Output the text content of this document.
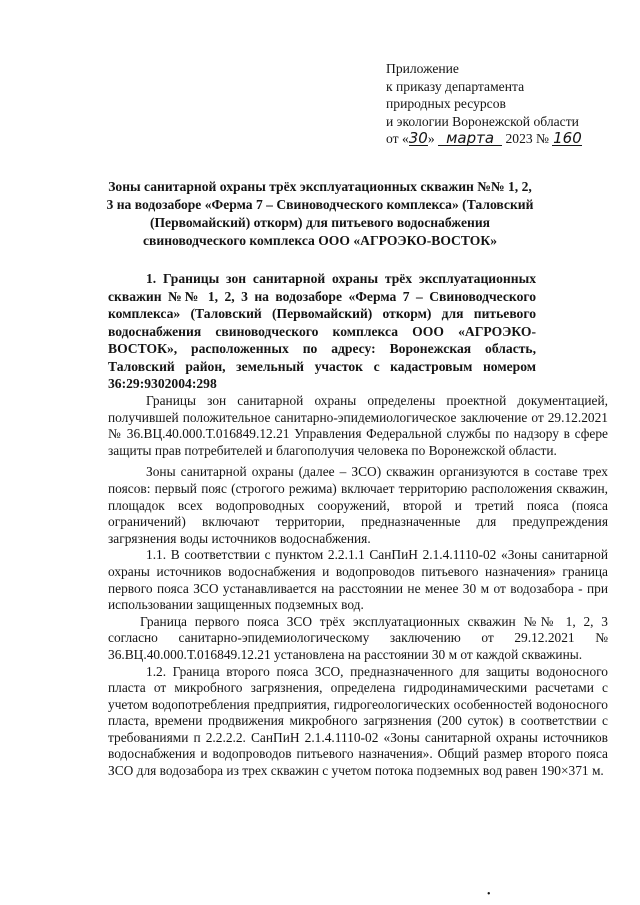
Приложение
к приказу департамента
природных ресурсов
и экологии Воронежской области
от «30» марта 2023 № 160
Зоны санитарной охраны трёх эксплуатационных скважин №№ 1, 2, 3 на водозаборе «Ферма 7 – Свиноводческого комплекса» (Таловский (Первомайский) откорм) для питьевого водоснабжения свиноводческого комплекса ООО «АГРОЭКО-ВОСТОК»

1. Границы зон санитарной охраны трёх эксплуатационных скважин №№ 1, 2, 3 на водозаборе «Ферма 7 – Свиноводческого комплекса» (Таловский (Первомайский) откорм) для питьевого водоснабжения свиноводческого комплекса ООО «АГРОЭКО-ВОСТОК», расположенных по адресу: Воронежская область, Таловский район, земельный участок с кадастровым номером 36:29:9302004:298

Границы зон санитарной охраны определены проектной документацией, получившей положительное санитарно-эпидемиологическое заключение от 29.12.2021 № 36.ВЦ.40.000.Т.016849.12.21 Управления Федеральной службы по надзору в сфере защиты прав потребителей и благополучия человека по Воронежской области.

Зоны санитарной охраны (далее – ЗСО) скважин организуются в составе трех поясов: первый пояс (строгого режима) включает территорию расположения скважин, площадок всех водопроводных сооружений, второй и третий пояса (пояса ограничений) включают территории, предназначенные для предупреждения загрязнения воды источников водоснабжения.

1.1. В соответствии с пунктом 2.2.1.1 СанПиН 2.1.4.1110-02 «Зоны санитарной охраны источников водоснабжения и водопроводов питьевого назначения» граница первого пояса ЗСО устанавливается на расстоянии не менее 30 м от водозабора - при использовании защищенных подземных вод.

Граница первого пояса ЗСО трёх эксплуатационных скважин №№ 1, 2, 3 согласно санитарно-эпидемиологическому заключению от 29.12.2021 № 36.ВЦ.40.000.Т.016849.12.21 установлена на расстоянии 30 м от каждой скважины.

1.2. Граница второго пояса ЗСО, предназначенного для защиты водоносного пласта от микробного загрязнения, определена гидродинамическими расчетами с учетом водопотребления предприятия, гидрогеологических особенностей водоносного пласта, времени продвижения микробного загрязнения (200 суток) в соответствии с требованиями п 2.2.2.2. СанПиН 2.1.4.1110-02 «Зоны санитарной охраны источников водоснабжения и водопроводов питьевого назначения». Общий размер второго пояса ЗСО для водозабора из трех скважин с учетом потока подземных вод равен 190×371 м.

•
